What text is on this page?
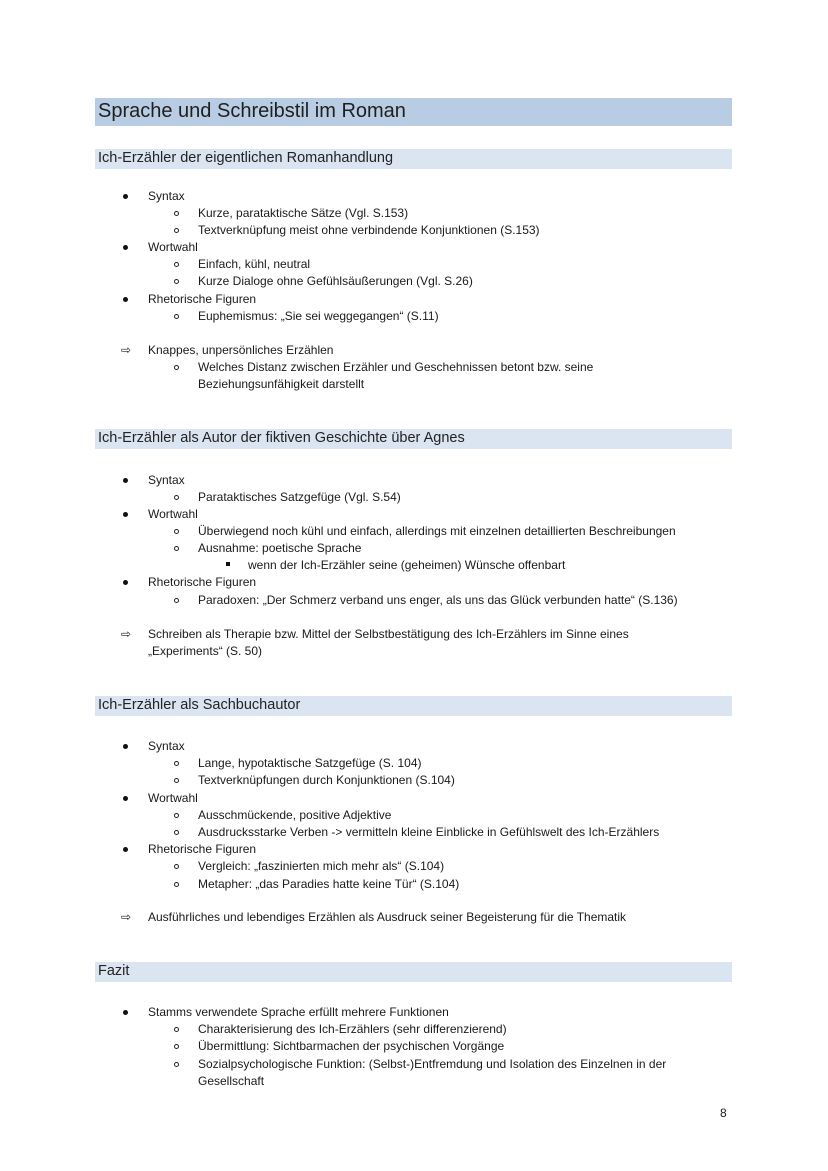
Sprache und Schreibstil im Roman
Ich-Erzähler der eigentlichen Romanhandlung
Syntax
Kurze, parataktische Sätze (Vgl. S.153)
Textverknüpfung meist ohne verbindende Konjunktionen (S.153)
Wortwahl
Einfach, kühl, neutral
Kurze Dialoge ohne Gefühlsäußerungen (Vgl. S.26)
Rhetorische Figuren
Euphemismus: „Sie sei weggegangen“ (S.11)
⇨ Knappes, unpersönliches Erzählen
Welches Distanz zwischen Erzähler und Geschehnissen betont bzw. seine
Beziehungsunfähigkeit darstellt
Ich-Erzähler als Autor der fiktiven Geschichte über Agnes
Syntax
Parataktisches Satzgefüge (Vgl. S.54)
Wortwahl
Überwiegend noch kühl und einfach, allerdings mit einzelnen detaillierten Beschreibungen
Ausnahme: poetische Sprache
wenn der Ich-Erzähler seine (geheimen) Wünsche offenbart
Rhetorische Figuren
Paradoxen: „Der Schmerz verband uns enger, als uns das Glück verbunden hatte“ (S.136)
⇨ Schreiben als Therapie bzw. Mittel der Selbstbestätigung des Ich-Erzählers im Sinne eines
„Experiments“ (S. 50)
Ich-Erzähler als Sachbuchautor
Syntax
Lange, hypotaktische Satzgefüge (S. 104)
Textverknüpfungen durch Konjunktionen (S.104)
Wortwahl
Ausschmückende, positive Adjektive
Ausdrucksstarke Verben -> vermitteln kleine Einblicke in Gefühlswelt des Ich-Erzählers
Rhetorische Figuren
Vergleich: „faszinierten mich mehr als“ (S.104)
Metapher: „das Paradies hatte keine Tür“ (S.104)
⇨ Ausführliches und lebendiges Erzählen als Ausdruck seiner Begeisterung für die Thematik
Fazit
Stamms verwendete Sprache erfüllt mehrere Funktionen
Charakterisierung des Ich-Erzählers (sehr differenzierend)
Übermittlung: Sichtbarmachen der psychischen Vorgänge
Sozialpsychologische Funktion: (Selbst-)Entfremdung und Isolation des Einzelnen in der
Gesellschaft
8
